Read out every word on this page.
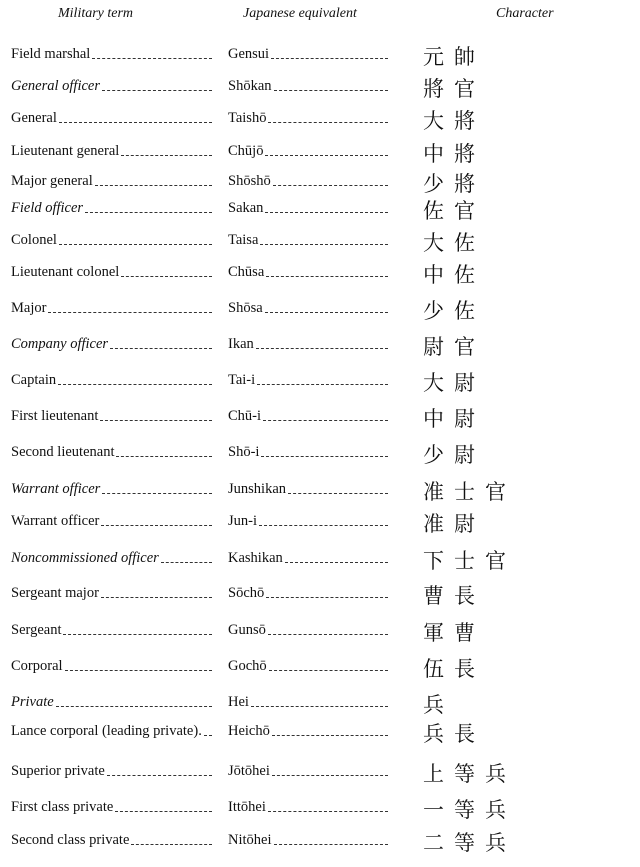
Military term	Japanese equivalent	Character
Field marshal	Gensui	元帥
General officer	Shōkan	將官
General	Taishō	大將
Lieutenant general	Chūjō	中將
Major general	Shōshō	少將
Field officer	Sakan	佐官
Colonel	Taisa	大佐
Lieutenant colonel	Chūsa	中佐
Major	Shōsa	少佐
Company officer	Ikan	尉官
Captain	Tai-i	大尉
First lieutenant	Chū-i	中尉
Second lieutenant	Shō-i	少尉
Warrant officer	Junshikan	准士官
Warrant officer	Jun-i	准尉
Noncommissioned officer	Kashikan	下士官
Sergeant major	Sōchō	曹長
Sergeant	Gunsō	軍曹
Corporal	Gochō	伍長
Private	Hei	兵
Lance corporal (leading private).	Heichō	兵長
Superior private	Jōtōhei	上等兵
First class private	Ittōhei	一等兵
Second class private	Nitōhei	二等兵
